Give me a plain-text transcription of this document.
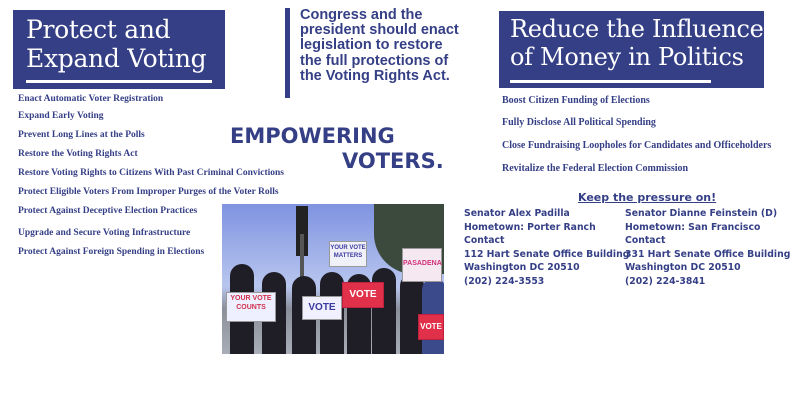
Protect and
Expand Voting
Enact Automatic Voter Registration
Expand Early Voting
Prevent Long Lines at the Polls
Restore the Voting Rights Act
Restore Voting Rights to Citizens With Past Criminal Convictions
Protect Eligible Voters From Improper Purges of the Voter Rolls
Protect Against Deceptive Election Practices
Upgrade and Secure Voting Infrastructure
Protect Against Foreign Spending in Elections

Congress and the president should enact legislation to restore the full protections of the Voting Rights Act.

EMPOWERING
VOTERS.
YOUR VOTE COUNTS	VOTE
VOTE
YOUR VOTE MATTERS
PASADENA
VOTE
Reduce the Influence
of Money in Politics
Boost Citizen Funding of Elections
Fully Disclose All Political Spending
Close Fundraising Loopholes for Candidates and Officeholders
Revitalize the Federal Election Commission
Keep the pressure on!
Senator Alex Padilla
Hometown: Porter Ranch
Contact
112 Hart Senate Office Building
Washington DC 20510
(202) 224-3553
Senator Dianne Feinstein (D)
Hometown: San Francisco
Contact
331 Hart Senate Office Building
Washington DC 20510
(202) 224-3841
